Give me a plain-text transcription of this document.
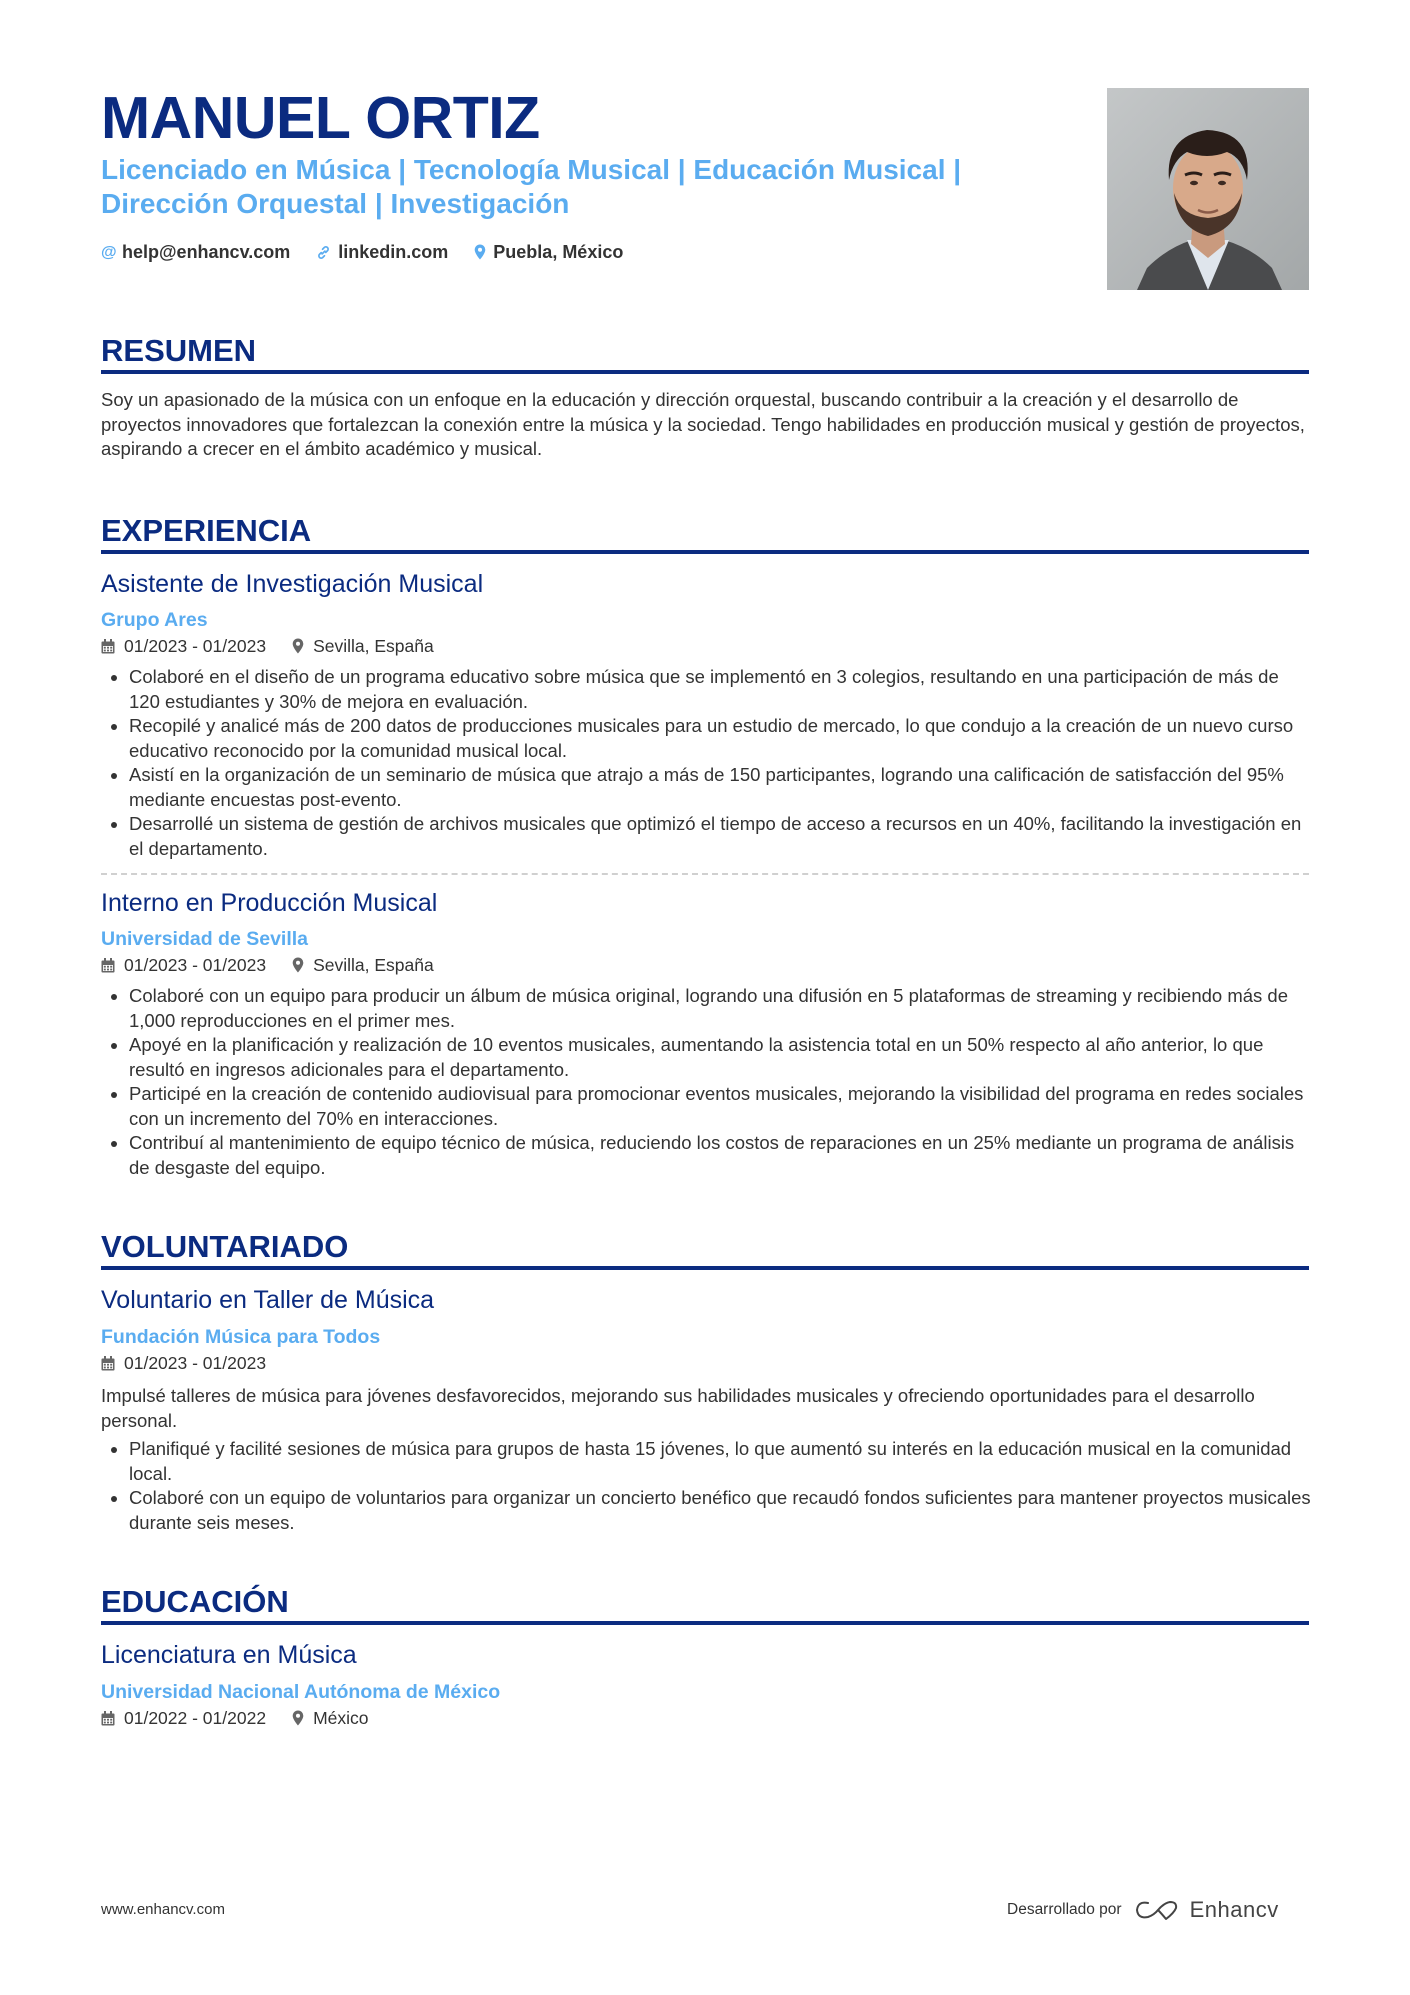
MANUEL ORTIZ
Licenciado en Música | Tecnología Musical | Educación Musical |
Dirección Orquestal | Investigación
@ help@enhancv.com	linkedin.com	Puebla, México
RESUMEN
Soy un apasionado de la música con un enfoque en la educación y dirección orquestal, buscando contribuir a la creación y el desarrollo de proyectos innovadores que fortalezcan la conexión entre la música y la sociedad. Tengo habilidades en producción musical y gestión de proyectos, aspirando a crecer en el ámbito académico y musical.
EXPERIENCIA
Asistente de Investigación Musical
Grupo Ares
01/2023 - 01/2023	Sevilla, España
Colaboré en el diseño de un programa educativo sobre música que se implementó en 3 colegios, resultando en una participación de más de 120 estudiantes y 30% de mejora en evaluación.
Recopilé y analicé más de 200 datos de producciones musicales para un estudio de mercado, lo que condujo a la creación de un nuevo curso educativo reconocido por la comunidad musical local.
Asistí en la organización de un seminario de música que atrajo a más de 150 participantes, logrando una calificación de satisfacción del 95% mediante encuestas post-evento.
Desarrollé un sistema de gestión de archivos musicales que optimizó el tiempo de acceso a recursos en un 40%, facilitando la investigación en el departamento.
Interno en Producción Musical
Universidad de Sevilla
01/2023 - 01/2023	Sevilla, España
Colaboré con un equipo para producir un álbum de música original, logrando una difusión en 5 plataformas de streaming y recibiendo más de 1,000 reproducciones en el primer mes.
Apoyé en la planificación y realización de 10 eventos musicales, aumentando la asistencia total en un 50% respecto al año anterior, lo que resultó en ingresos adicionales para el departamento.
Participé en la creación de contenido audiovisual para promocionar eventos musicales, mejorando la visibilidad del programa en redes sociales con un incremento del 70% en interacciones.
Contribuí al mantenimiento de equipo técnico de música, reduciendo los costos de reparaciones en un 25% mediante un programa de análisis de desgaste del equipo.
VOLUNTARIADO
Voluntario en Taller de Música
Fundación Música para Todos
01/2023 - 01/2023
Impulsé talleres de música para jóvenes desfavorecidos, mejorando sus habilidades musicales y ofreciendo oportunidades para el desarrollo personal.
Planifiqué y facilité sesiones de música para grupos de hasta 15 jóvenes, lo que aumentó su interés en la educación musical en la comunidad local.
Colaboré con un equipo de voluntarios para organizar un concierto benéfico que recaudó fondos suficientes para mantener proyectos musicales durante seis meses.
EDUCACIÓN
Licenciatura en Música
Universidad Nacional Autónoma de México
01/2022 - 01/2022	México
www.enhancv.com	Desarrollado por	Enhancv
